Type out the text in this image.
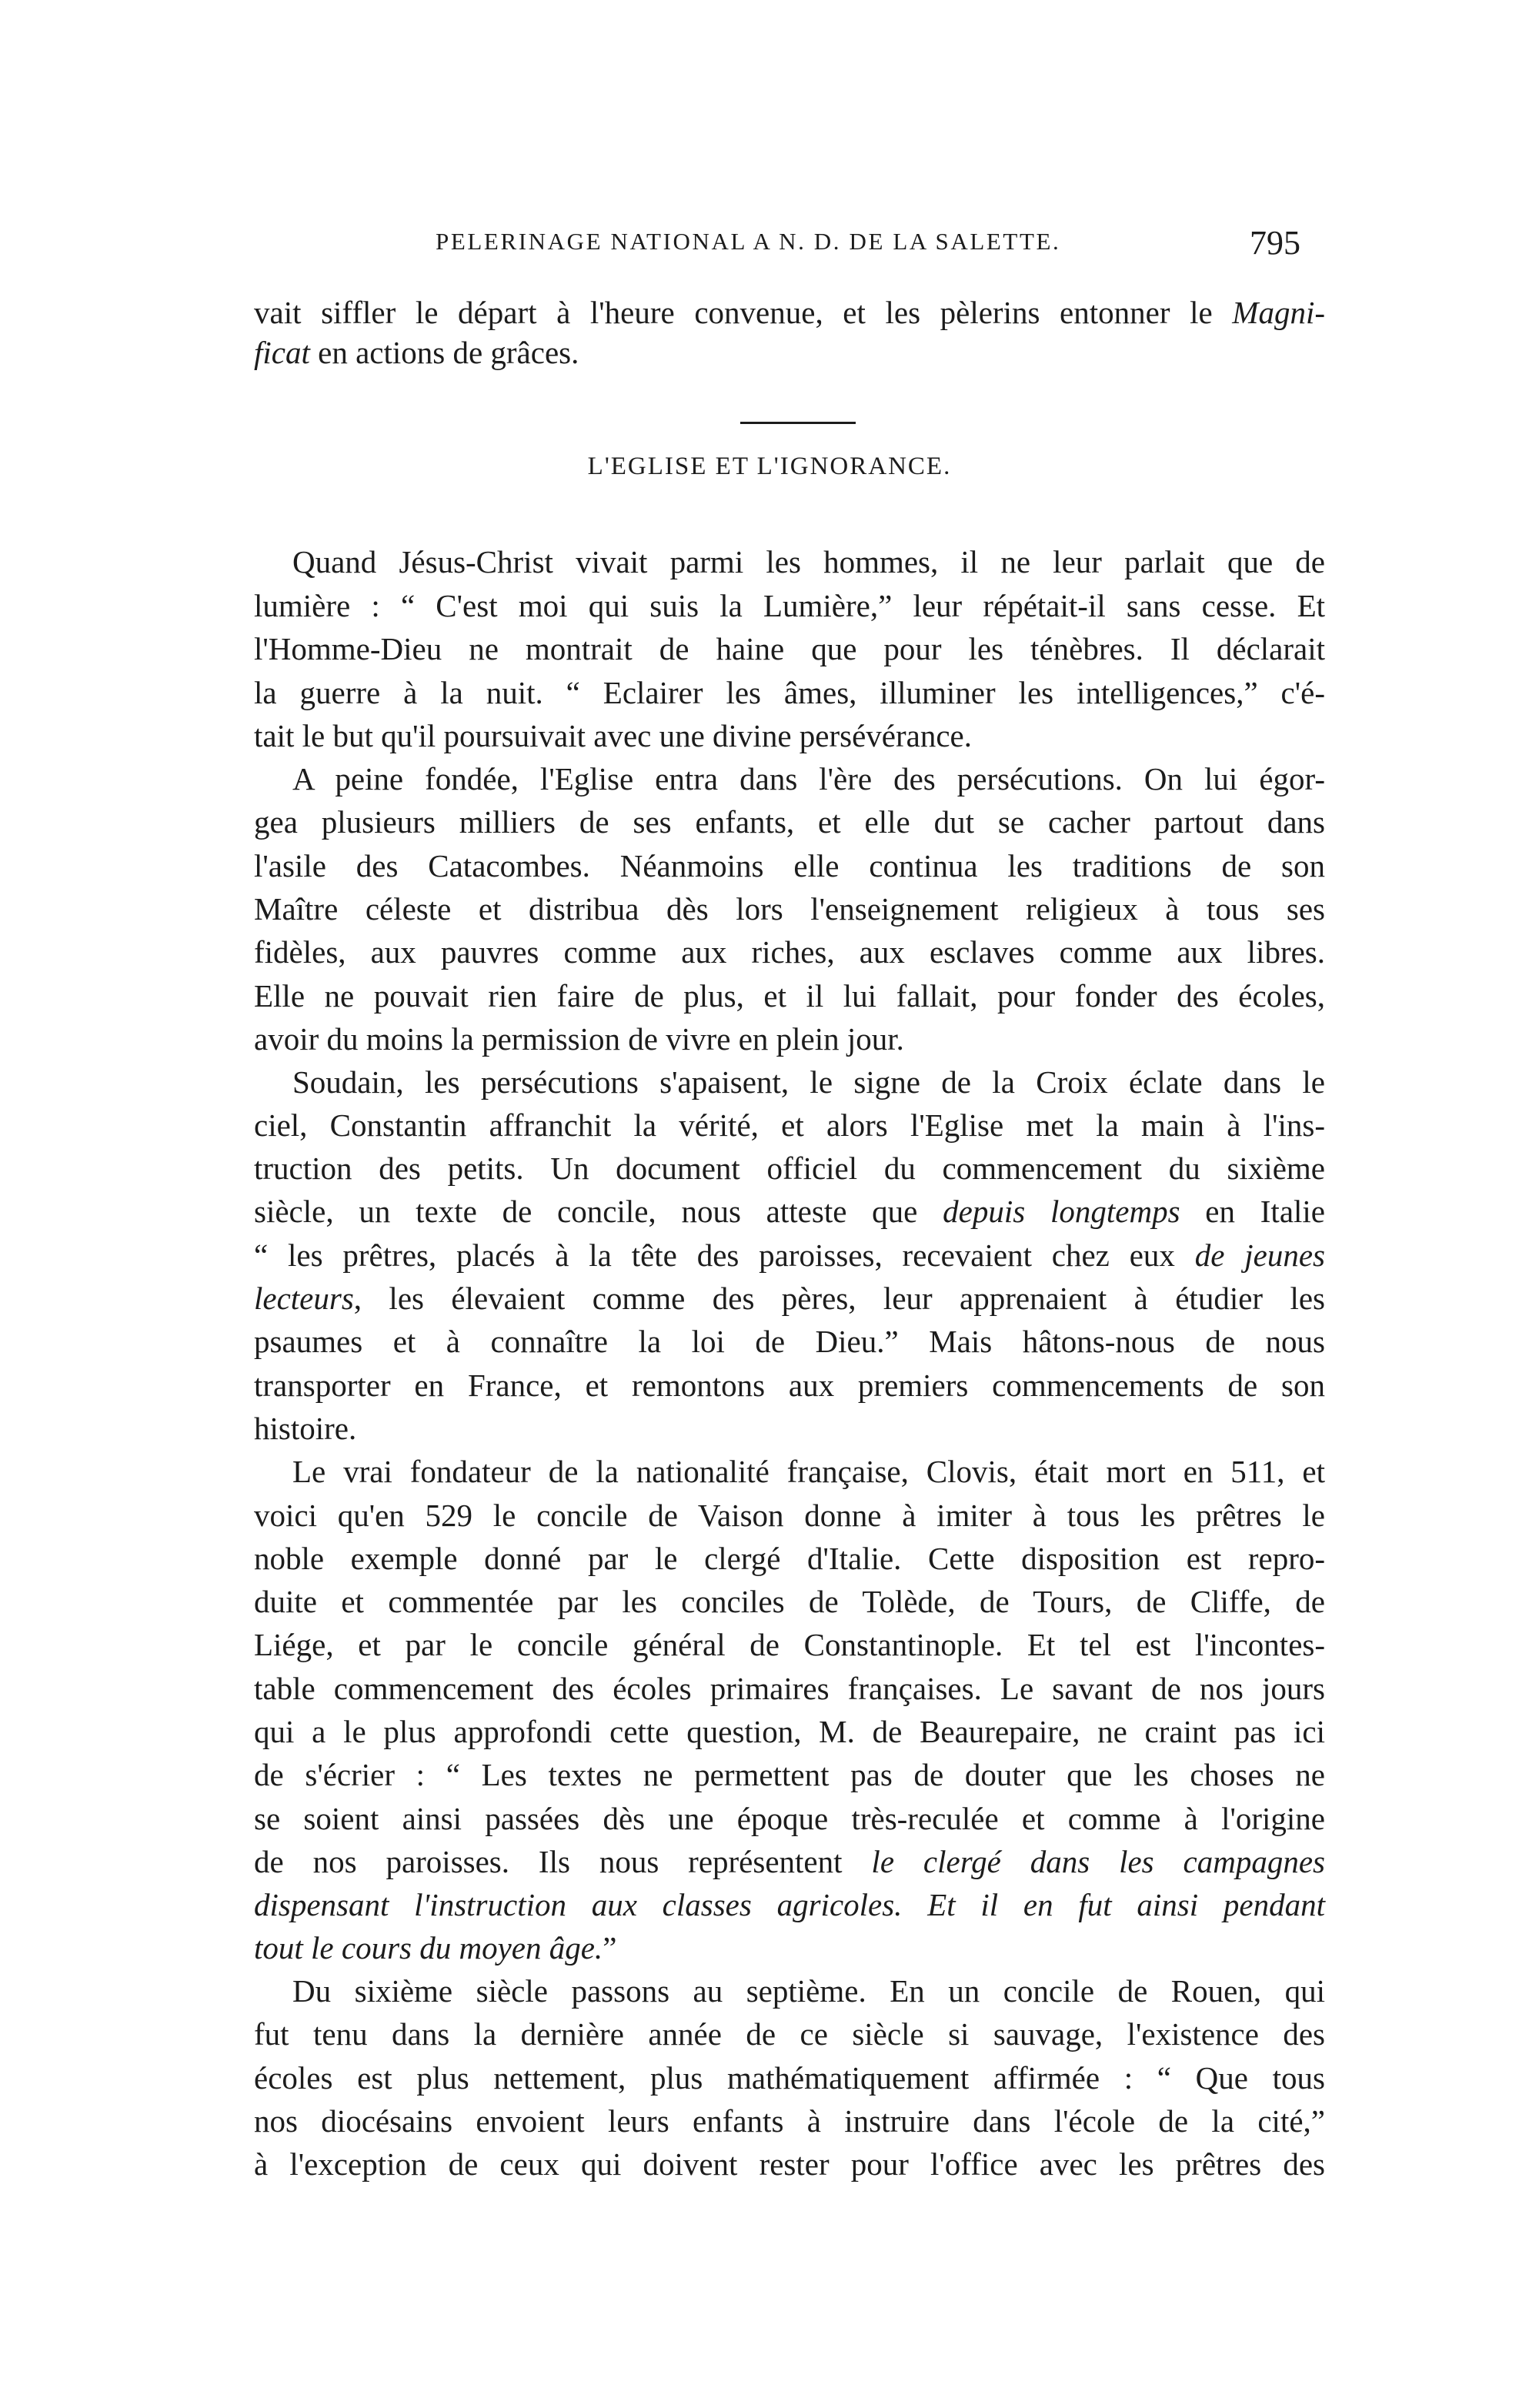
PELERINAGE NATIONAL A N. D. DE LA SALETTE.	795
L'EGLISE ET L'IGNORANCE.
vait siffler le départ à l'heure convenue, et les pèlerins entonner le Magni-
ficat en actions de grâces.
Quand Jésus-Christ vivait parmi les hommes, il ne leur parlait que de
lumière : “ C'est moi qui suis la Lumière,” leur répétait-il sans cesse. Et
l'Homme-Dieu ne montrait de haine que pour les ténèbres. Il déclarait
la guerre à la nuit. “ Eclairer les âmes, illuminer les intelligences,” c'é-
tait le but qu'il poursuivait avec une divine persévérance.
A peine fondée, l'Eglise entra dans l'ère des persécutions. On lui égor-
gea plusieurs milliers de ses enfants, et elle dut se cacher partout dans
l'asile des Catacombes. Néanmoins elle continua les traditions de son
Maître céleste et distribua dès lors l'enseignement religieux à tous ses
fidèles, aux pauvres comme aux riches, aux esclaves comme aux libres.
Elle ne pouvait rien faire de plus, et il lui fallait, pour fonder des écoles,
avoir du moins la permission de vivre en plein jour.
Soudain, les persécutions s'apaisent, le signe de la Croix éclate dans le
ciel, Constantin affranchit la vérité, et alors l'Eglise met la main à l'ins-
truction des petits. Un document officiel du commencement du sixième
siècle, un texte de concile, nous atteste que depuis longtemps en Italie
“ les prêtres, placés à la tête des paroisses, recevaient chez eux de jeunes
lecteurs, les élevaient comme des pères, leur apprenaient à étudier les
psaumes et à connaître la loi de Dieu.” Mais hâtons-nous de nous
transporter en France, et remontons aux premiers commencements de son
histoire.
Le vrai fondateur de la nationalité française, Clovis, était mort en 511, et
voici qu'en 529 le concile de Vaison donne à imiter à tous les prêtres le
noble exemple donné par le clergé d'Italie. Cette disposition est repro-
duite et commentée par les conciles de Tolède, de Tours, de Cliffe, de
Liége, et par le concile général de Constantinople. Et tel est l'incontes-
table commencement des écoles primaires françaises. Le savant de nos jours
qui a le plus approfondi cette question, M. de Beaurepaire, ne craint pas ici
de s'écrier : “ Les textes ne permettent pas de douter que les choses ne
se soient ainsi passées dès une époque très-reculée et comme à l'origine
de nos paroisses. Ils nous représentent le clergé dans les campagnes
dispensant l'instruction aux classes agricoles. Et il en fut ainsi pendant
tout le cours du moyen âge.”
Du sixième siècle passons au septième. En un concile de Rouen, qui
fut tenu dans la dernière année de ce siècle si sauvage, l'existence des
écoles est plus nettement, plus mathématiquement affirmée : “ Que tous
nos diocésains envoient leurs enfants à instruire dans l'école de la cité,”
à l'exception de ceux qui doivent rester pour l'office avec les prêtres des
